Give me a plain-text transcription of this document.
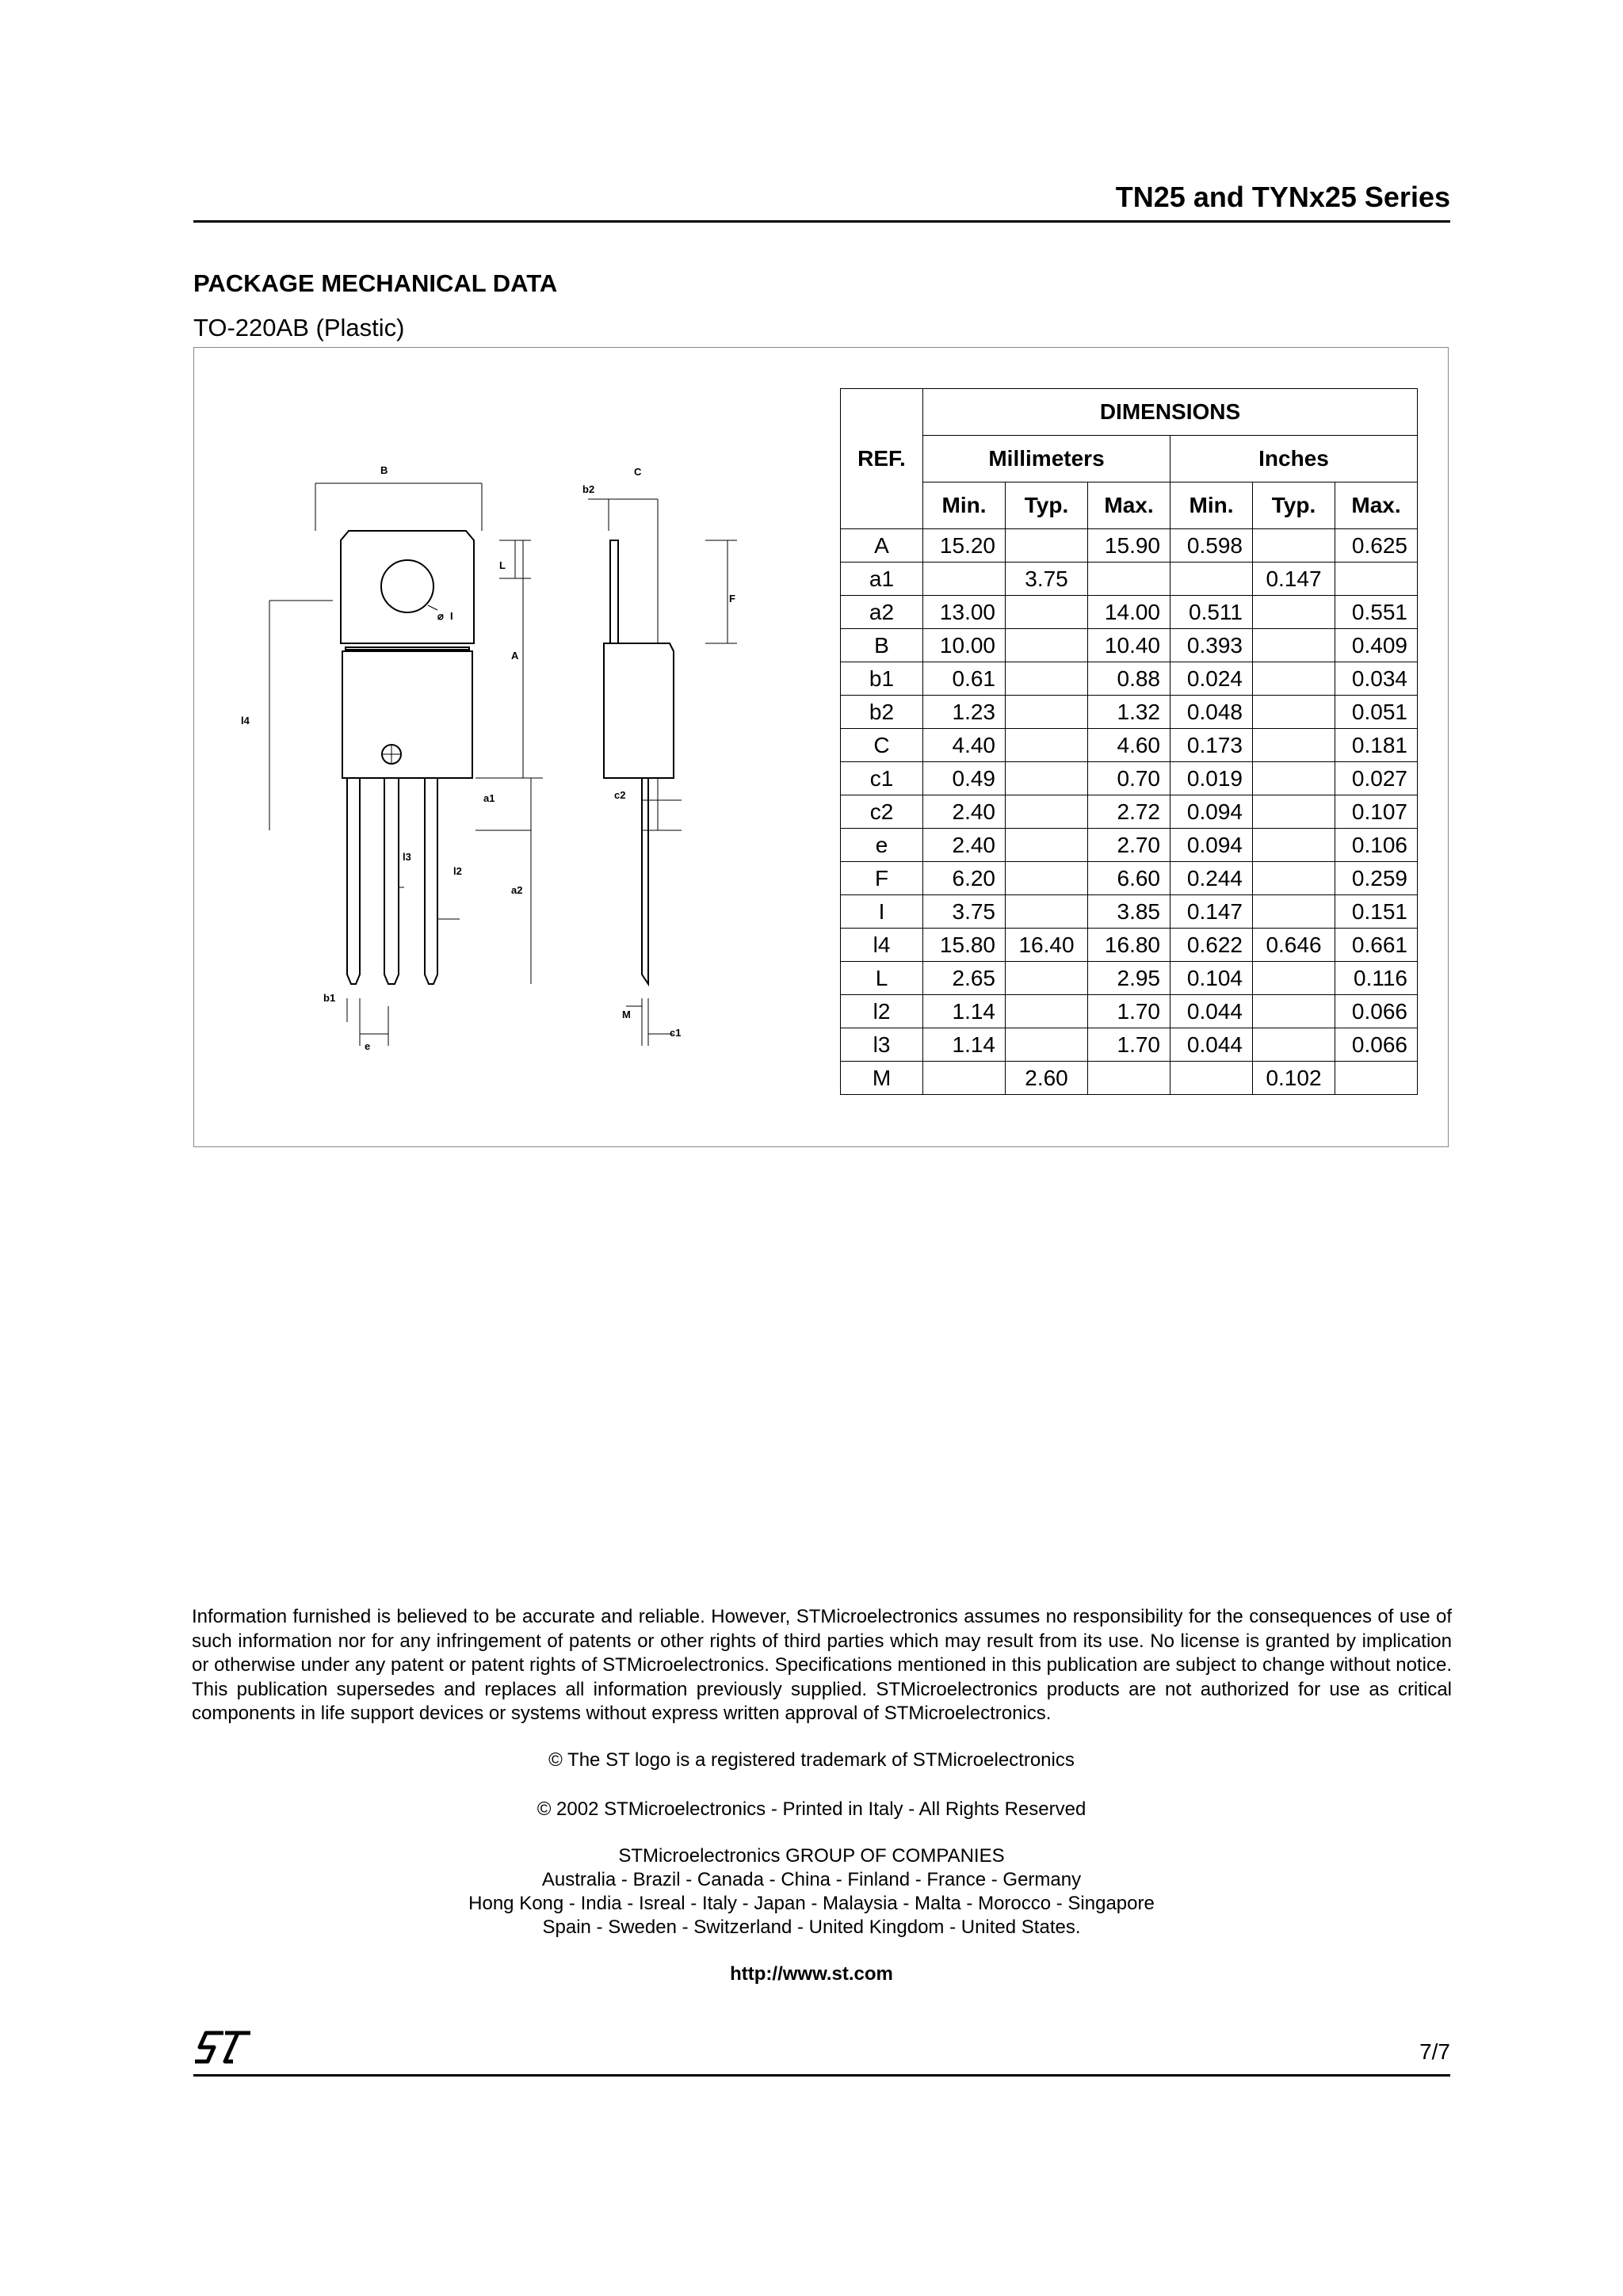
TN25 and TYNx25 Series
PACKAGE MECHANICAL DATA
TO-220AB (Plastic)
B	C
b2
L
F
A
⌀ I
l4
a1	c2
l3
l2
a2
b1
e
M
c1
REF.	DIMENSIONS					
	Millimeters			Inches		
	Min.	Typ.	Max.	Min.	Typ.	Max.
A	15.20		15.90	0.598		0.625
a1		3.75			0.147	
a2	13.00		14.00	0.511		0.551
B	10.00		10.40	0.393		0.409
b1	0.61		0.88	0.024		0.034
b2	1.23		1.32	0.048		0.051
C	4.40		4.60	0.173		0.181
c1	0.49		0.70	0.019		0.027
c2	2.40		2.72	0.094		0.107
e	2.40		2.70	0.094		0.106
F	6.20		6.60	0.244		0.259
I	3.75		3.85	0.147		0.151
l4	15.80	16.40	16.80	0.622	0.646	0.661
L	2.65		2.95	0.104		0.116
l2	1.14		1.70	0.044		0.066
l3	1.14		1.70	0.044		0.066
M		2.60			0.102	
Information furnished is believed to be accurate and reliable. However, STMicroelectronics assumes no responsibility for the consequences of use of such information nor for any infringement of patents or other rights of third parties which may result from its use. No license is granted by implication or otherwise under any patent or patent rights of STMicroelectronics. Specifications mentioned in this publication are subject to change without notice. This publication supersedes and replaces all information previously supplied. STMicroelectronics products are not authorized for use as critical components in life support devices or systems without express written approval of STMicroelectronics.
© The ST logo is a registered trademark of STMicroelectronics
© 2002 STMicroelectronics - Printed in Italy - All Rights Reserved
STMicroelectronics GROUP OF COMPANIES
Australia - Brazil - Canada - China - Finland - France - Germany
Hong Kong - India - Isreal - Italy - Japan - Malaysia - Malta - Morocco - Singapore
Spain - Sweden - Switzerland - United Kingdom - United States.
http://www.st.com
7/7
